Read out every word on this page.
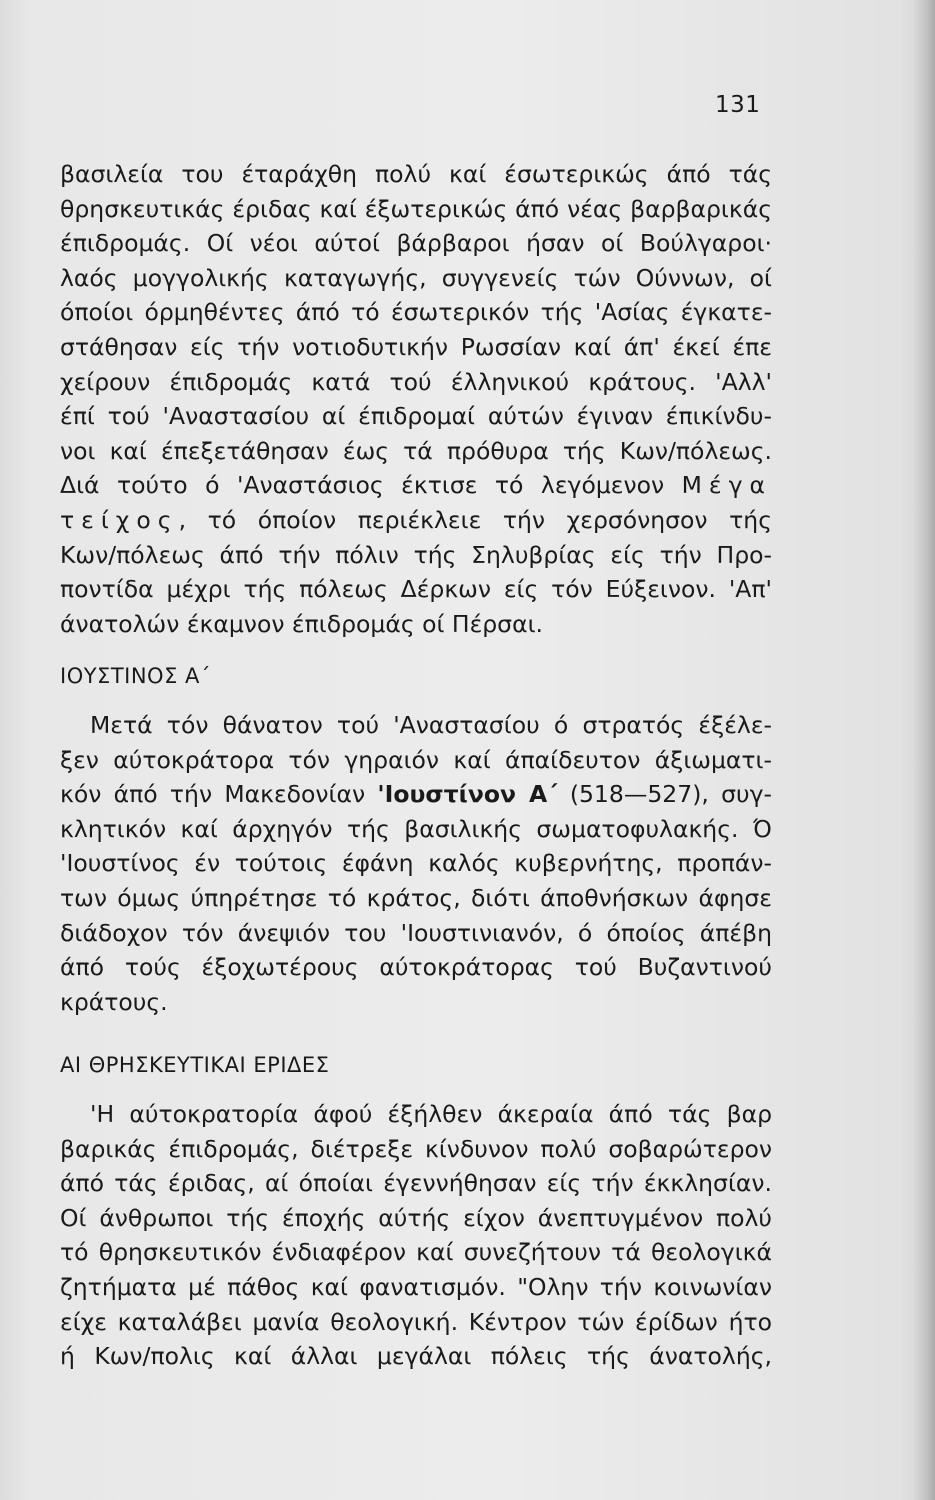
131
βασιλεία του έταράχθη πολύ καί έσωτερικώς άπό τάς
θρησκευτικάς έριδας καί έξωτερικώς άπό νέας βαρβαρικάς
έπιδρομάς. Οί νέοι αύτοί βάρβαροι ήσαν οί Βούλγαροι·
λαός μογγολικής καταγωγής, συγγενείς τών Ούννων, οί
όποίοι όρμηθέντες άπό τό έσωτερικόν τής 'Ασίας έγκατε-
στάθησαν είς τήν νοτιοδυτικήν Ρωσσίαν καί άπ' έκεί έπε
χείρουν έπιδρομάς κατά τού έλληνικού κράτους. 'Αλλ'
έπί τού 'Αναστασίου αί έπιδρομαί αύτών έγιναν έπικίνδυ-
νοι καί έπεξετάθησαν έως τά πρόθυρα τής Κων/πόλεως.
Διά τούτο ό 'Αναστάσιος έκτισε τό λεγόμενον Μέγα
τείχος, τό όποίον περιέκλειε τήν χερσόνησον τής
Κων/πόλεως άπό τήν πόλιν τής Σηλυβρίας είς τήν Προ-
ποντίδα μέχρι τής πόλεως Δέρκων είς τόν Εύξεινον. 'Απ'
άνατολών έκαμνον έπιδρομάς οί Πέρσαι.
ΙΟΥΣΤΙΝΟΣ Α΄
Μετά τόν θάνατον τού 'Αναστασίου ό στρατός έξέλε-
ξεν αύτοκράτορα τόν γηραιόν καί άπαίδευτον άξιωματι-
κόν άπό τήν Μακεδονίαν 'Ιουστίνον Α΄ (518—527), συγ-
κλητικόν καί άρχηγόν τής βασιλικής σωματοφυλακής. Ό
'Ιουστίνος έν τούτοις έφάνη καλός κυβερνήτης, προπάν-
των όμως ύπηρέτησε τό κράτος, διότι άποθνήσκων άφησε
διάδοχον τόν άνεψιόν του 'Ιουστινιανόν, ό όποίος άπέβη
άπό τούς έξοχωτέρους αύτοκράτορας τού Βυζαντινού
κράτους.
ΑΙ ΘΡΗΣΚΕΥΤΙΚΑΙ ΕΡΙΔΕΣ
'Η αύτοκρατορία άφού έξήλθεν άκεραία άπό τάς βαρ
βαρικάς έπιδρομάς, διέτρεξε κίνδυνον πολύ σοβαρώτερον
άπό τάς έριδας, αί όποίαι έγεννήθησαν είς τήν έκκλησίαν.
Οί άνθρωποι τής έποχής αύτής είχον άνεπτυγμένον πολύ
τό θρησκευτικόν ένδιαφέρον καί συνεζήτουν τά θεολογικά
ζητήματα μέ πάθος καί φανατισμόν. "Ολην τήν κοινωνίαν
είχε καταλάβει μανία θεολογική. Κέντρον τών έρίδων ήτο
ή Κων/πολις καί άλλαι μεγάλαι πόλεις τής άνατολής,
